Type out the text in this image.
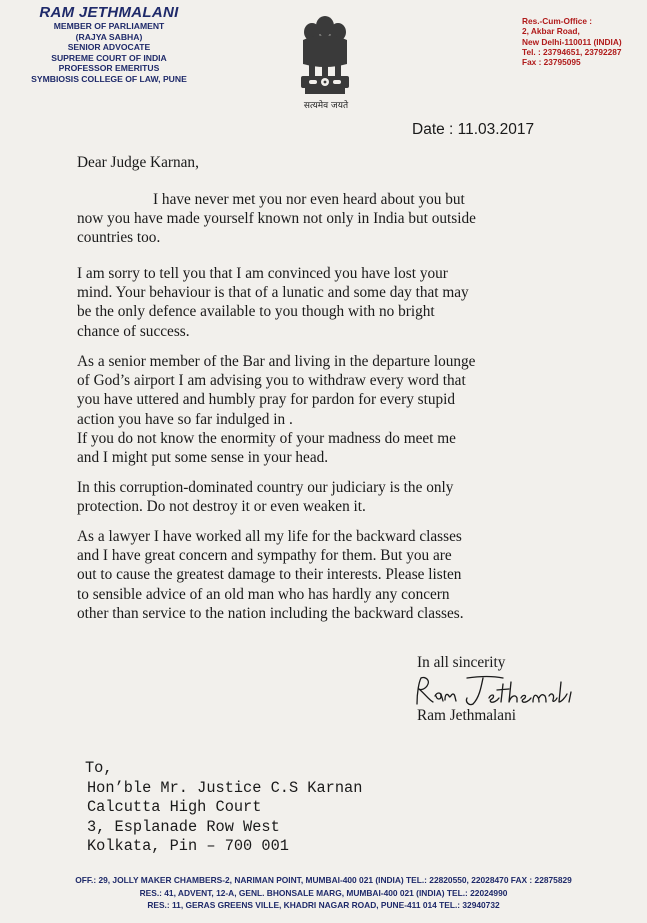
RAM JETHMALANI
MEMBER OF PARLIAMENT
(RAJYA SABHA)
SENIOR ADVOCATE
SUPREME COURT OF INDIA
PROFESSOR EMERITUS
SYMBIOSIS COLLEGE OF LAW, PUNE
सत्यमेव जयते
Res.-Cum-Office :
2, Akbar Road,
New Delhi-110011 (INDIA)
Tel. : 23794651, 23792287
Fax : 23795095
Date : 11.03.2017
Dear Judge Karnan,
I have never met you nor even heard about you but
now you have made yourself known not only in India but outside
countries too.
I am sorry to tell you that I am convinced you have lost your
mind. Your behaviour is that of a lunatic and some day that may
be the only defence available to you though with no bright
chance of success.
As a senior member of the Bar and living in the departure lounge
of God’s airport I am advising you to withdraw every word that
you have uttered and humbly pray for pardon for every stupid
action you have so far indulged in .
If you do not know the enormity of your madness do meet me
and I might put some sense in your head.
In this corruption-dominated country our judiciary is the only
protection. Do not destroy it or even weaken it.
As a lawyer I have worked all my life for the backward classes
and I have great concern and sympathy for them. But you are
out to cause the greatest damage to their interests. Please listen
to sensible advice of an old man who has hardly any concern
other than service to the nation including the backward classes.
In all sincerity
Ram Jethmalani
To,
Hon’ble Mr. Justice C.S Karnan
Calcutta High Court
3, Esplanade Row West
Kolkata, Pin – 700 001
OFF.: 29, JOLLY MAKER CHAMBERS-2, NARIMAN POINT, MUMBAI-400 021 (INDIA) TEL.: 22820550, 22028470 FAX : 22875829
RES.: 41, ADVENT, 12-A, GENL. BHONSALE MARG, MUMBAI-400 021 (INDIA) TEL.: 22024990
RES.: 11, GERAS GREENS VILLE, KHADRI NAGAR ROAD, PUNE-411 014 TEL.: 32940732
